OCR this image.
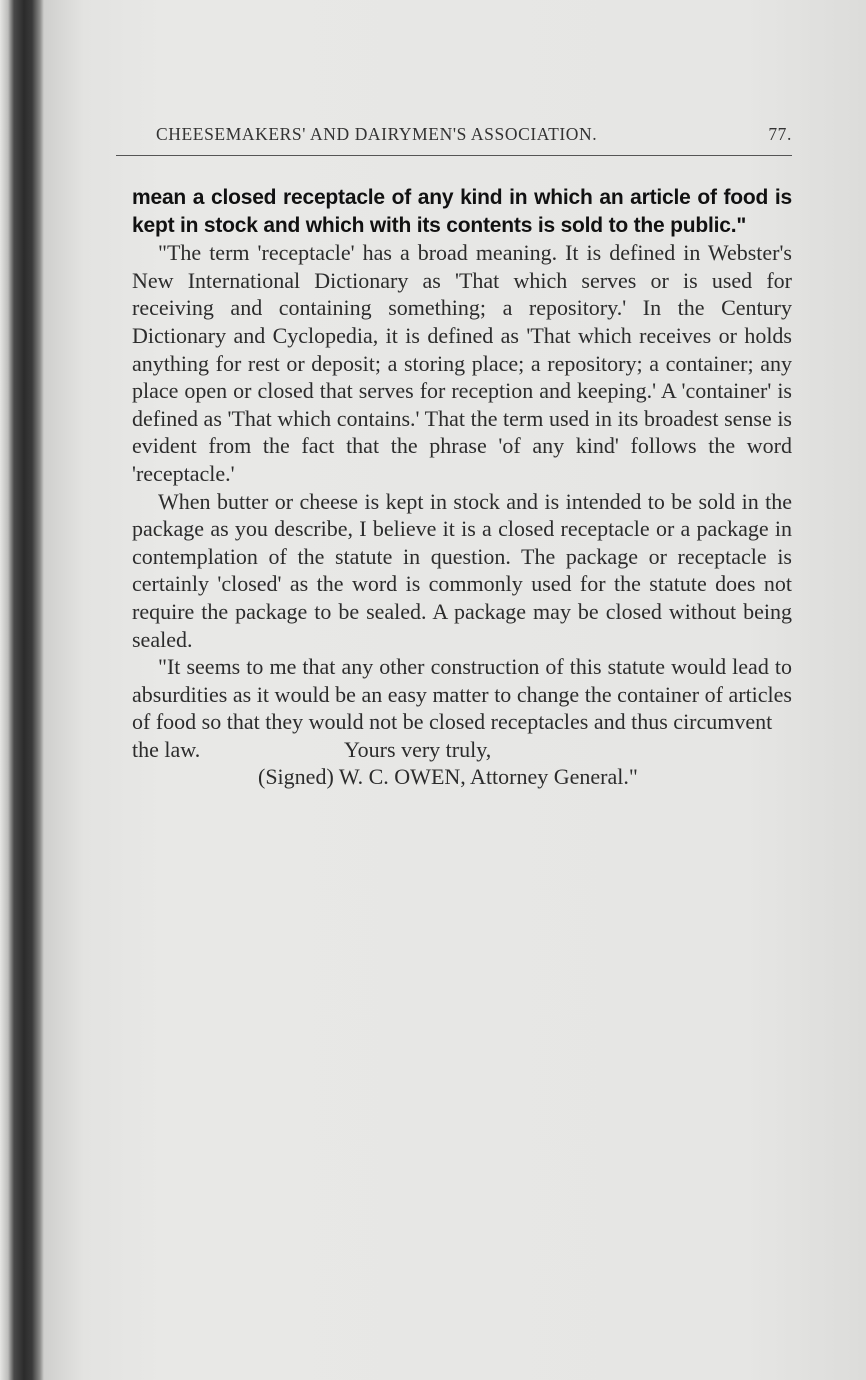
CHEESEMAKERS' AND DAIRYMEN'S ASSOCIATION.	77.

mean a closed receptacle of any kind in which an article of food is kept in stock and which with its contents is sold to the public."

"The term 'receptacle' has a broad meaning. It is defined in Webster's New International Dictionary as 'That which serves or is used for receiving and containing something; a repository.' In the Century Dictionary and Cyclopedia, it is defined as 'That which receives or holds anything for rest or deposit; a storing place; a repository; a container; any place open or closed that serves for reception and keeping.' A 'container' is defined as 'That which contains.' That the term used in its broadest sense is evident from the fact that the phrase 'of any kind' follows the word 'receptacle.'

When butter or cheese is kept in stock and is intended to be sold in the package as you describe, I believe it is a closed receptacle or a package in contemplation of the statute in question. The package or receptacle is certainly 'closed' as the word is commonly used for the statute does not require the package to be sealed. A package may be closed without being sealed.

"It seems to me that any other construction of this statute would lead to absurdities as it would be an easy matter to change the container of articles of food so that they would not be closed receptacles and thus circumvent

the law.	Yours very truly,

(Signed) W. C. OWEN, Attorney General."
